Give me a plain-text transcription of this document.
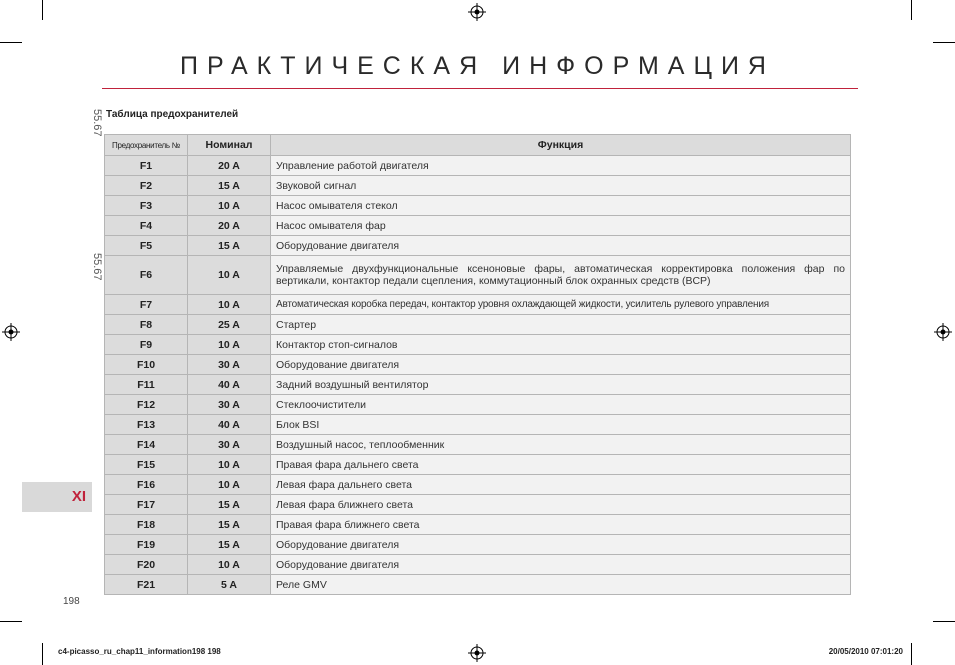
ПРАКТИЧЕСКАЯ ИНФОРМАЦИЯ
55.67
55.67
Таблица предохранителей
Предохранитель №	Номинал	Функция
F1	20 A	Управление работой двигателя
F2	15 A	Звуковой сигнал
F3	10 A	Насос омывателя стекол
F4	20 A	Насос омывателя фар
F5	15 A	Оборудование двигателя
F6	10 A	Управляемые двухфункциональные ксеноновые фары, автоматическая корректировка положения фар по вертикали, контактор педали сцепления, коммутационный блок охранных средств (BCP)
F7	10 A	Автоматическая коробка передач, контактор уровня охлаждающей жидкости, усилитель рулевого управления
F8	25 A	Стартер
F9	10 A	Контактор стоп-сигналов
F10	30 A	Оборудование двигателя
F11	40 A	Задний воздушный вентилятор
F12	30 A	Стеклоочистители
F13	40 A	Блок BSI
F14	30 A	Воздушный насос, теплообменник
F15	10 A	Правая фара дальнего света
F16	10 A	Левая фара дальнего света
F17	15 A	Левая фара ближнего света
F18	15 A	Правая фара ближнего света
F19	15 A	Оборудование двигателя
F20	10 A	Оборудование двигателя
F21	5 A	Реле GMV
XI
198
c4-picasso_ru_chap11_information198 198	20/05/2010 07:01:20
